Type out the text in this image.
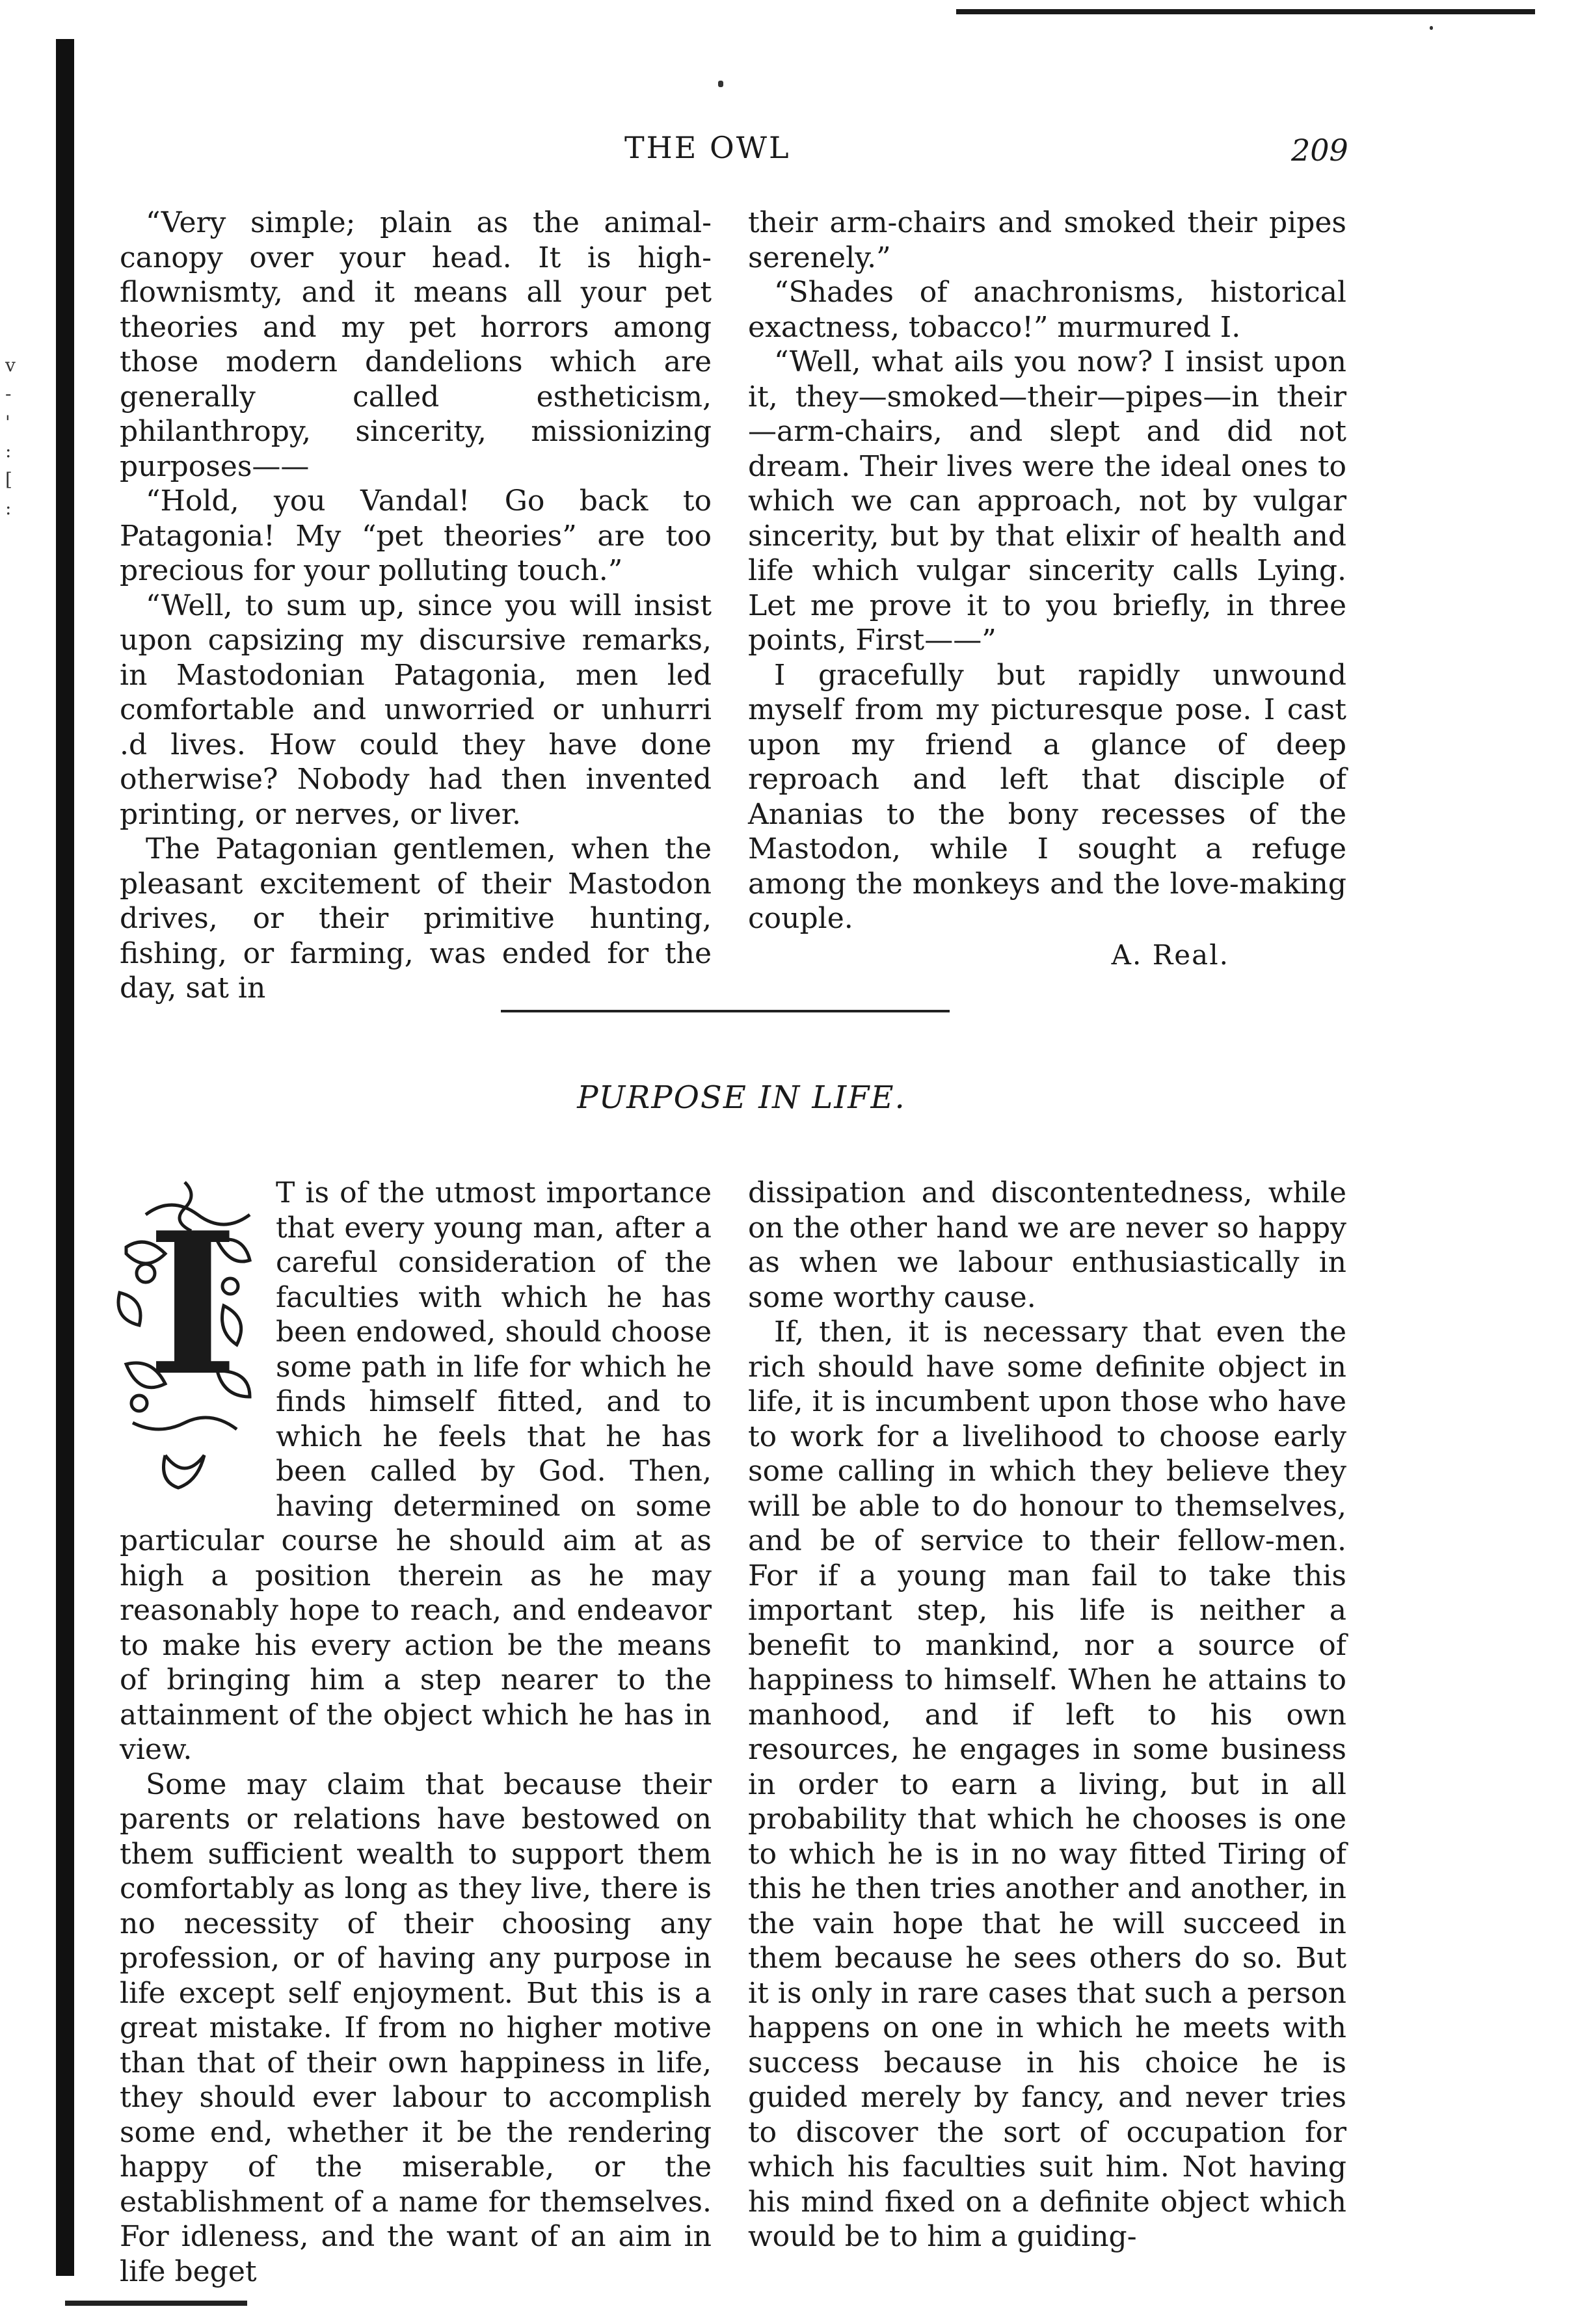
v
-
'
:
[
:
THE OWL	209

“Very simple; plain as the animal-canopy over your head. It is high-flownismty, and it means all your pet theories and my pet horrors among those modern dandelions which are generally called estheticism, philanthropy, sincerity, missionizing purposes——

“Hold, you Vandal! Go back to Patagonia! My “pet theories” are too precious for your polluting touch.”

“Well, to sum up, since you will insist upon capsizing my discursive remarks, in Mastodonian Patagonia, men led comfortable and unworried or unhurri .d lives. How could they have done otherwise? Nobody had then invented printing, or nerves, or liver.

The Patagonian gentlemen, when the pleasant excitement of their Mastodon drives, or their primitive hunting, fishing, or farming, was ended for the day, sat in

their arm-chairs and smoked their pipes serenely.”

“Shades of anachronisms, historical exactness, tobacco!” murmured I.

“Well, what ails you now? I insist upon it, they—smoked—their—pipes—in their—arm-chairs, and slept and did not dream. Their lives were the ideal ones to which we can approach, not by vulgar sincerity, but by that elixir of health and life which vulgar sincerity calls Lying. Let me prove it to you briefly, in three points, First——”

I gracefully but rapidly unwound myself from my picturesque pose. I cast upon my friend a glance of deep reproach and left that disciple of Ananias to the bony recesses of the Mastodon, while I sought a refuge among the monkeys and the love-making couple.

A. Real.
PURPOSE IN LIFE.
I	T is of the utmost importance that every young man, after a careful consideration of the faculties with which he has been endowed, should choose some path in life for which he finds himself fitted, and to which he feels that he has been called by God. Then, having determined on some particular course he should aim at as high a position therein as he may reasonably hope to reach, and endeavor to make his every action be the means of bringing him a step nearer to the attainment of the object which he has in view.

Some may claim that because their parents or relations have bestowed on them sufficient wealth to support them comfortably as long as they live, there is no necessity of their choosing any profession, or of having any purpose in life except self enjoyment. But this is a great mistake. If from no higher motive than that of their own happiness in life, they should ever labour to accomplish some end, whether it be the rendering happy of the miserable, or the establishment of a name for themselves. For idleness, and the want of an aim in life beget

dissipation and discontentedness, while on the other hand we are never so happy as when we labour enthusiastically in some worthy cause.

If, then, it is necessary that even the rich should have some definite object in life, it is incumbent upon those who have to work for a livelihood to choose early some calling in which they believe they will be able to do honour to themselves, and be of service to their fellow-men. For if a young man fail to take this important step, his life is neither a benefit to mankind, nor a source of happiness to himself. When he attains to manhood, and if left to his own resources, he engages in some business in order to earn a living, but in all probability that which he chooses is one to which he is in no way fitted Tiring of this he then tries another and another, in the vain hope that he will succeed in them because he sees others do so. But it is only in rare cases that such a person happens on one in which he meets with success because in his choice he is guided merely by fancy, and never tries to discover the sort of occupation for which his faculties suit him. Not having his mind fixed on a definite object which would be to him a guiding-
